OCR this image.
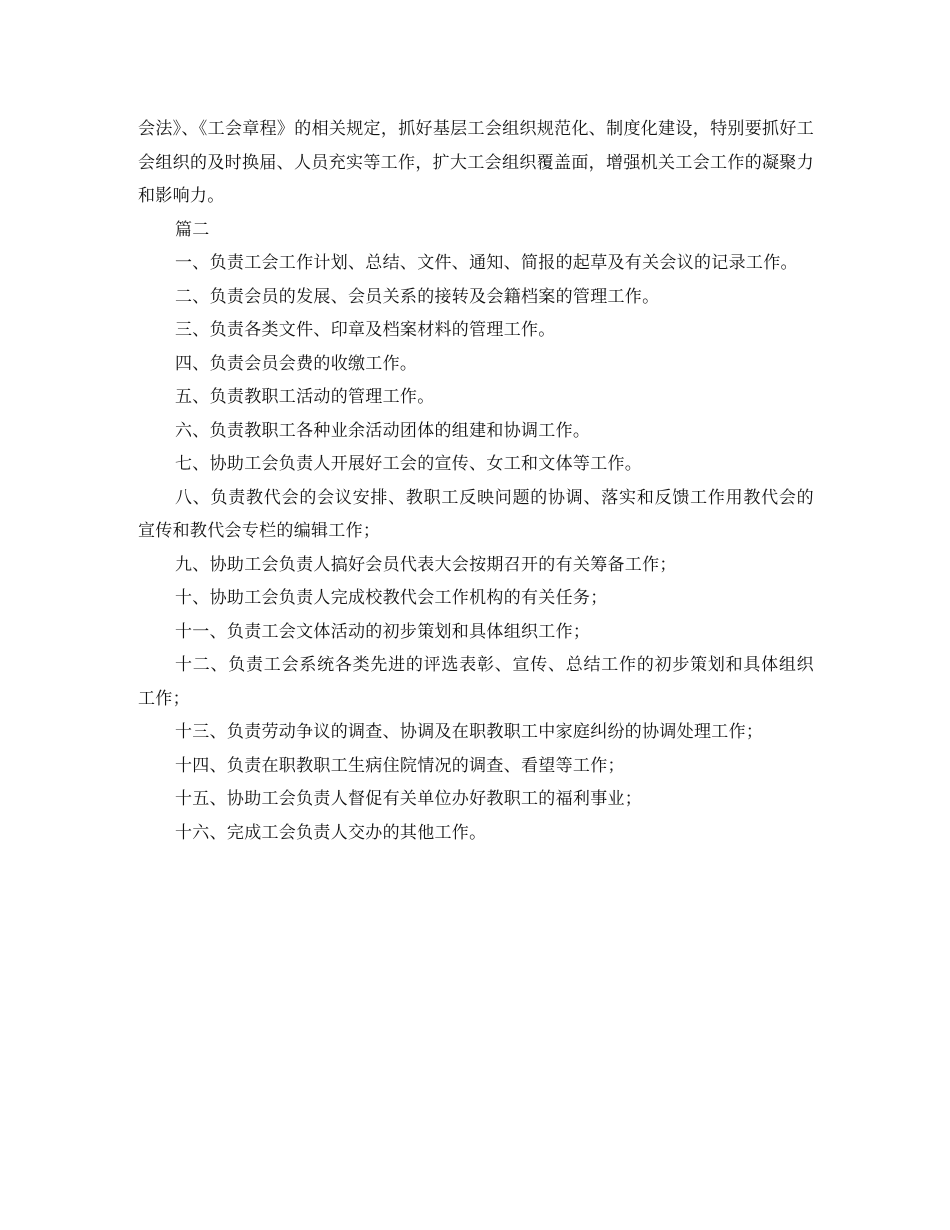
会法》、《工会章程》的相关规定，抓好基层工会组织规范化、制度化建设，特别要抓好工会组织的及时换届、人员充实等工作，扩大工会组织覆盖面，增强机关工会工作的凝聚力和影响力。

篇二

一、负责工会工作计划、总结、文件、通知、简报的起草及有关会议的记录工作。

二、负责会员的发展、会员关系的接转及会籍档案的管理工作。

三、负责各类文件、印章及档案材料的管理工作。

四、负责会员会费的收缴工作。

五、负责教职工活动的管理工作。

六、负责教职工各种业余活动团体的组建和协调工作。

七、协助工会负责人开展好工会的宣传、女工和文体等工作。

八、负责教代会的会议安排、教职工反映问题的协调、落实和反馈工作用教代会的宣传和教代会专栏的编辑工作；

九、协助工会负责人搞好会员代表大会按期召开的有关筹备工作；

十、协助工会负责人完成校教代会工作机构的有关任务；

十一、负责工会文体活动的初步策划和具体组织工作；

十二、负责工会系统各类先进的评选表彰、宣传、总结工作的初步策划和具体组织工作；

十三、负责劳动争议的调查、协调及在职教职工中家庭纠纷的协调处理工作；

十四、负责在职教职工生病住院情况的调查、看望等工作；

十五、协助工会负责人督促有关单位办好教职工的福利事业；

十六、完成工会负责人交办的其他工作。
